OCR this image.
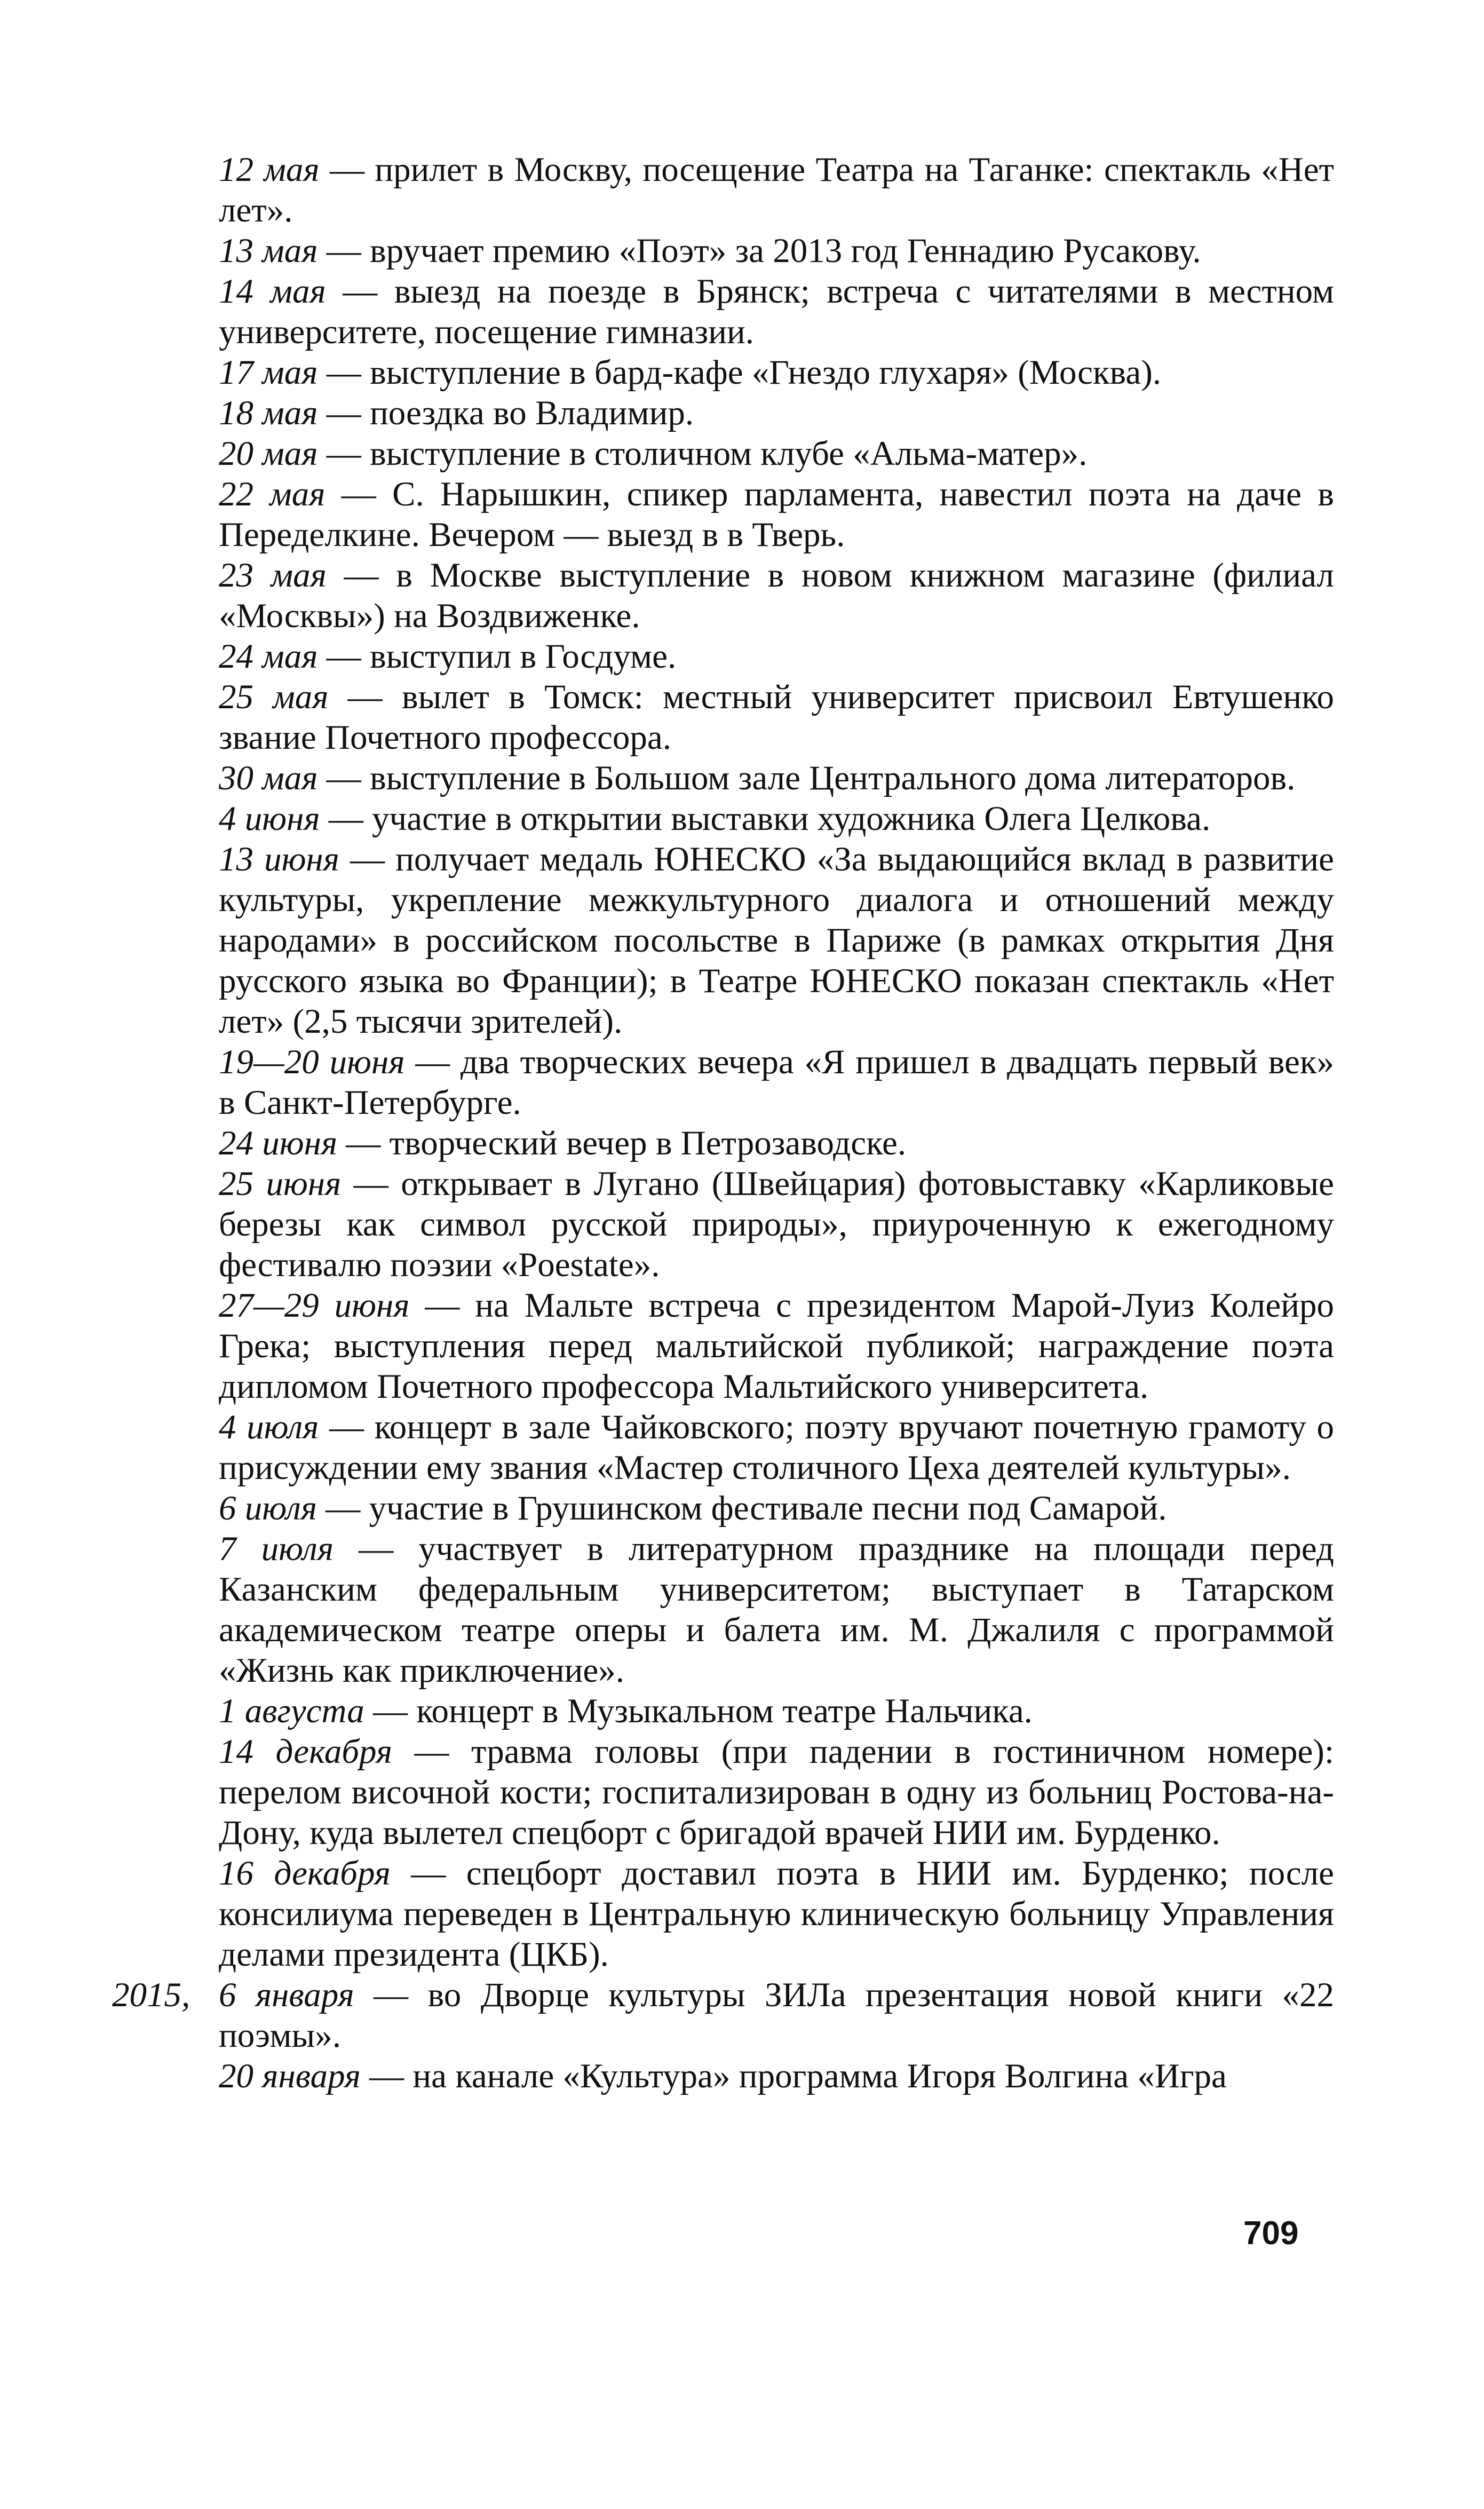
12 мая — прилет в Москву, посещение Театра на Таганке: спектакль «Нет лет».

13 мая — вручает премию «Поэт» за 2013 год Геннадию Русакову.

14 мая — выезд на поезде в Брянск; встреча с читателями в местном университете, посещение гимназии.

17 мая — выступление в бард-кафе «Гнездо глухаря» (Москва).

18 мая — поездка во Владимир.

20 мая — выступление в столичном клубе «Альма-матер».

22 мая — С. Нарышкин, спикер парламента, навестил поэта на даче в Переделкине. Вечером — выезд в в Тверь.

23 мая — в Москве выступление в новом книжном магазине (филиал «Москвы») на Воздвиженке.

24 мая — выступил в Госдуме.

25 мая — вылет в Томск: местный университет присвоил Евтушенко звание Почетного профессора.

30 мая — выступление в Большом зале Центрального дома литераторов.

4 июня — участие в открытии выставки художника Олега Целкова.

13 июня — получает медаль ЮНЕСКО «За выдающийся вклад в развитие культуры, укрепление межкультурного диалога и отношений между народами» в российском посольстве в Париже (в рамках открытия Дня русского языка во Франции); в Театре ЮНЕСКО показан спектакль «Нет лет» (2,5 тысячи зрителей).

19—20 июня — два творческих вечера «Я пришел в двадцать первый век» в Санкт-Петербурге.

24 июня — творческий вечер в Петрозаводске.

25 июня — открывает в Лугано (Швейцария) фотовыставку «Карликовые березы как символ русской природы», приуроченную к ежегодному фестивалю поэзии «Poestate».

27—29 июня — на Мальте встреча с президентом Марой-Луиз Колейро Грека; выступления перед мальтийской публикой; награждение поэта дипломом Почетного профессора Мальтийского университета.

4 июля — концерт в зале Чайковского; поэту вручают почетную грамоту о присуждении ему звания «Мастер столичного Цеха деятелей культуры».

6 июля — участие в Грушинском фестивале песни под Самарой.

7 июля — участвует в литературном празднике на площади перед Казанским федеральным университетом; выступает в Татарском академическом театре оперы и балета им. М. Джалиля с программой «Жизнь как приключение».

1 августа — концерт в Музыкальном театре Нальчика.

14 декабря — травма головы (при падении в гостиничном номере): перелом височной кости; госпитализирован в одну из больниц Ростова-на-Дону, куда вылетел спецборт с бригадой врачей НИИ им. Бурденко.

16 декабря — спецборт доставил поэта в НИИ им. Бурденко; после консилиума переведен в Центральную клиническую больницу Управления делами президента (ЦКБ).

2015, 6 января — во Дворце культуры ЗИЛа презентация новой книги «22 поэмы».

20 января — на канале «Культура» программа Игоря Волгина «Игра

709
